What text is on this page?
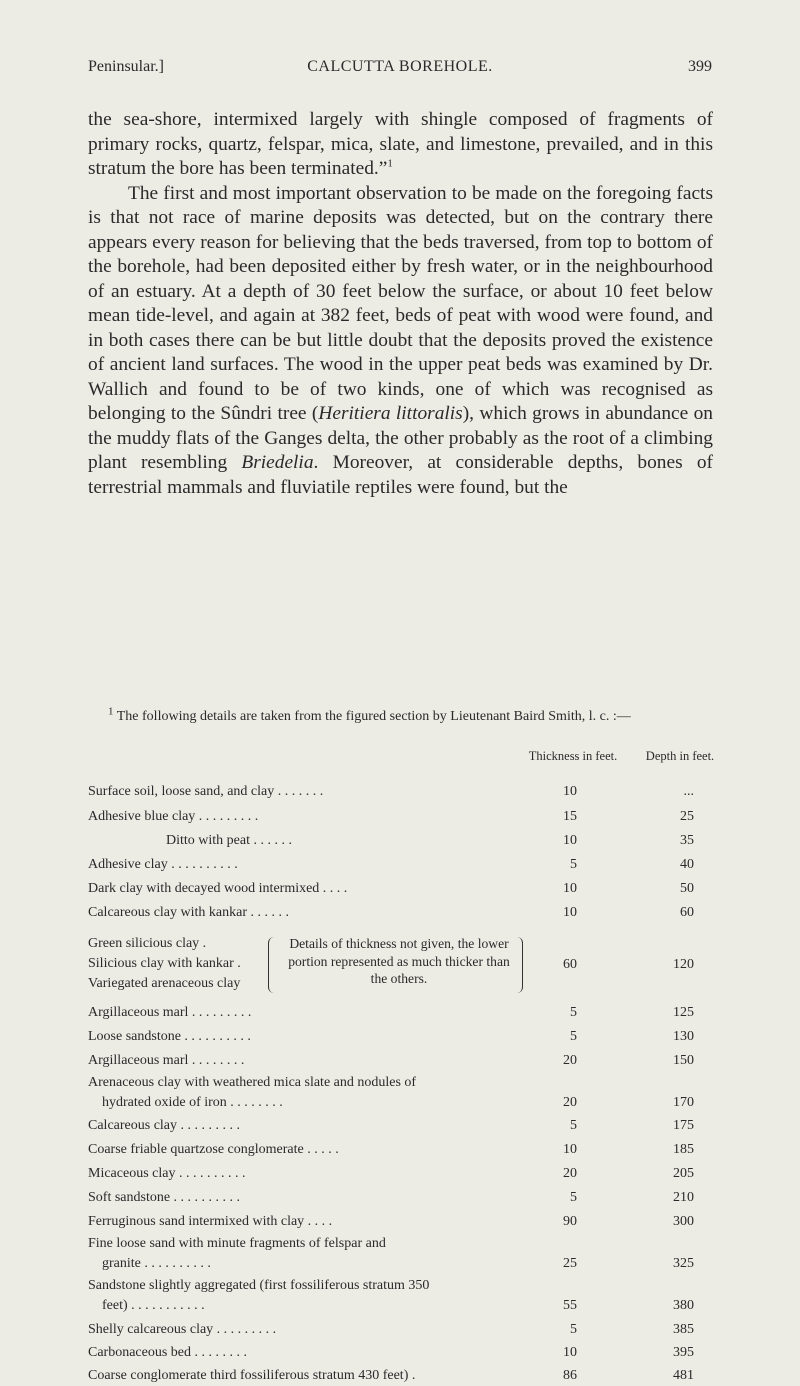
Peninsular.]	CALCUTTA BOREHOLE.	399

the sea-shore, intermixed largely with shingle composed of fragments of primary rocks, quartz, felspar, mica, slate, and limestone, prevailed, and in this stratum the bore has been terminated.”$^1$

The first and most important observation to be made on the foregoing facts is that not race of marine deposits was detected, but on the contrary there appears every reason for believing that the beds traversed, from top to bottom of the borehole, had been deposited either by fresh water, or in the neighbourhood of an estuary. At a depth of 30 feet below the surface, or about 10 feet below mean tide-level, and again at 382 feet, beds of peat with wood were found, and in both cases there can be but little doubt that the deposits proved the existence of ancient land surfaces. The wood in the upper peat beds was examined by Dr. Wallich and found to be of two kinds, one of which was recognised as belonging to the Sûndri tree (Heritiera littoralis), which grows in abundance on the muddy flats of the Ganges delta, the other probably as the root of a climbing plant resembling Briedelia. Moreover, at considerable depths, bones of terrestrial mammals and fluviatile reptiles were found, but the

$^1$ The following details are taken from the figured section by Lieutenant Baird Smith, l. c. :—

Thickness in feet.	Depth in feet.
Surface soil, loose sand, and clay . . . . . . .	10	...
Adhesive blue clay . . . . . . . . .	15	25
Ditto with peat . . . . . .	10	35
Adhesive clay . . . . . . . . . .	5	40
Dark clay with decayed wood intermixed . . . .	10	50
Calcareous clay with kankar . . . . . .	10	60
Green silicious clay .
Silicious clay with kankar .
Variegated arenaceous clay
Details of thickness not given, the lower portion represented as much thicker than the others.
60	120
Argillaceous marl . . . . . . . . .	5	125
Loose sandstone . . . . . . . . . .	5	130
Argillaceous marl . . . . . . . .	20	150
Arenaceous clay with weathered mica slate and nodules of
hydrated oxide of iron . . . . . . . .	20	170
Calcareous clay . . . . . . . . .	5	175
Coarse friable quartzose conglomerate . . . . .	10	185
Micaceous clay . . . . . . . . . .	20	205
Soft sandstone . . . . . . . . . .	5	210
Ferruginous sand intermixed with clay . . . .	90	300
Fine loose sand with minute fragments of felspar and
granite . . . . . . . . . .	25	325
Sandstone slightly aggregated (first fossiliferous stratum 350
feet) . . . . . . . . . . .	55	380
Shelly calcareous clay . . . . . . . . .	5	385
Carbonaceous bed . . . . . . . .	10	395
Coarse conglomerate third fossiliferous stratum 430 feet) .	86	481
